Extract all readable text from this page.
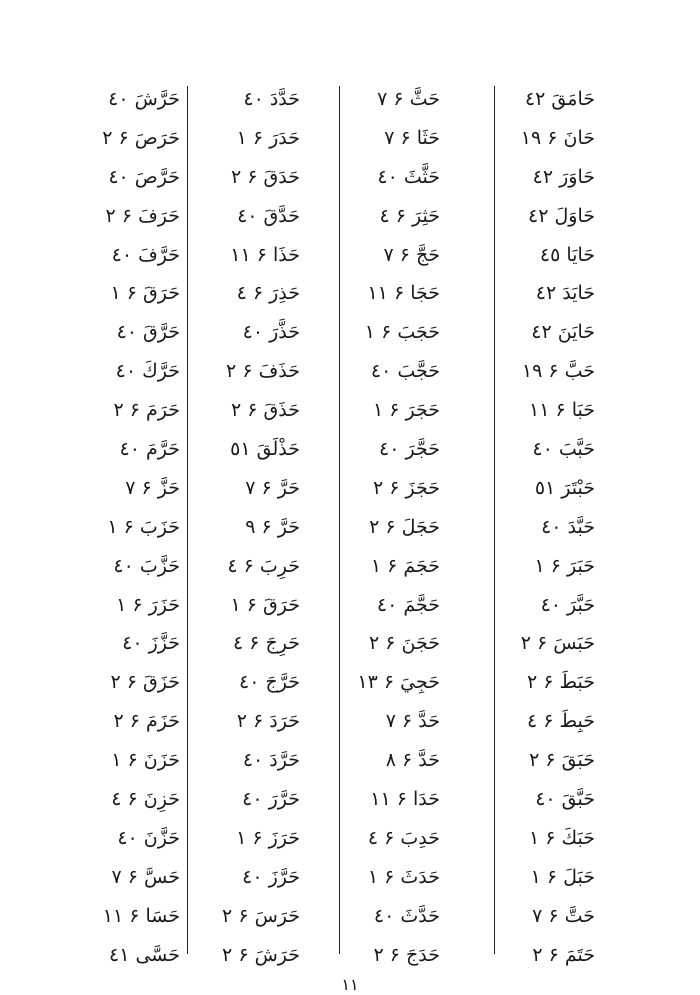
حَامَقَ ٤٢
حَانَ ۶ ١٩
حَاوَرَ ٤٢
حَاوَلَ ٤٢
حَايَا ٤٥
حَايَدَ ٤٢
حَايَنَ ٤٢
حَبَّ ۶ ١٩
حَبَا ۶ ١١
حَبَّبَ ٤٠
حَبْتَرَ ٥١
حَبَّدَ ٤٠
حَبَرَ ۶ ١
حَبَّرَ ٤٠
حَبَسَ ۶ ٢
حَبَطَ ۶ ٢
حَبِطَ ۶ ٤
حَبَقَ ۶ ٢
حَبَّقَ ٤٠
حَبَكَ ۶ ١
حَبَلَ ۶ ١
حَتَّ ۶ ٧
حَتَمَ ۶ ٢
حَثَّ ۶ ٧
حَثَا ۶ ٧
حَثَّثَ ٤٠
حَثِرَ ۶ ٤
حَجَّ ۶ ٧
حَجَا ۶ ١١
حَجَبَ ۶ ١
حَجَّبَ ٤٠
حَجَرَ ۶ ١
حَجَّرَ ٤٠
حَجَزَ ۶ ٢
حَجَلَ ۶ ٢
حَجَمَ ۶ ١
حَجَّمَ ٤٠
حَجَنَ ۶ ٢
حَجِيَ ۶ ١٣
حَدَّ ۶ ٧
حَدَّ ۶ ٨
حَدَا ۶ ١١
حَدِبَ ۶ ٤
حَدَثَ ۶ ١
حَدَّثَ ٤٠
حَدَجَ ۶ ٢
حَدَّدَ ٤٠
حَدَرَ ۶ ١
حَدَقَ ۶ ٢
حَدَّقَ ٤٠
حَذَا ۶ ١١
حَذِرَ ۶ ٤
حَذَّرَ ٤٠
حَذَفَ ۶ ٢
حَذَقَ ۶ ٢
حَذْلَقَ ٥١
حَرَّ ۶ ٧
حَرَّ ۶ ٩
حَرِبَ ۶ ٤
حَرَقَ ۶ ١
حَرِجَ ۶ ٤
حَرَّجَ ٤٠
حَرَدَ ۶ ٢
حَرَّدَ ٤٠
حَرَّرَ ٤٠
حَرَزَ ۶ ١
حَرَّزَ ٤٠
حَرَسَ ۶ ٢
حَرَشَ ۶ ٢
حَرَّشَ ٤٠
حَرَصَ ۶ ٢
حَرَّصَ ٤٠
حَرَفَ ۶ ٢
حَرَّفَ ٤٠
حَرَقَ ۶ ١
حَرَّقَ ٤٠
حَرَّكَ ٤٠
حَرَمَ ۶ ٢
حَرَّمَ ٤٠
حَزَّ ۶ ٧
حَزَبَ ۶ ١
حَزَّبَ ٤٠
حَزَرَ ۶ ١
حَزَّزَ ٤٠
حَزَقَ ۶ ٢
حَزَمَ ۶ ٢
حَزَنَ ۶ ١
حَزِنَ ۶ ٤
حَزَّنَ ٤٠
حَسَّ ۶ ٧
حَسَا ۶ ١١
حَسَّى ٤١
١١
